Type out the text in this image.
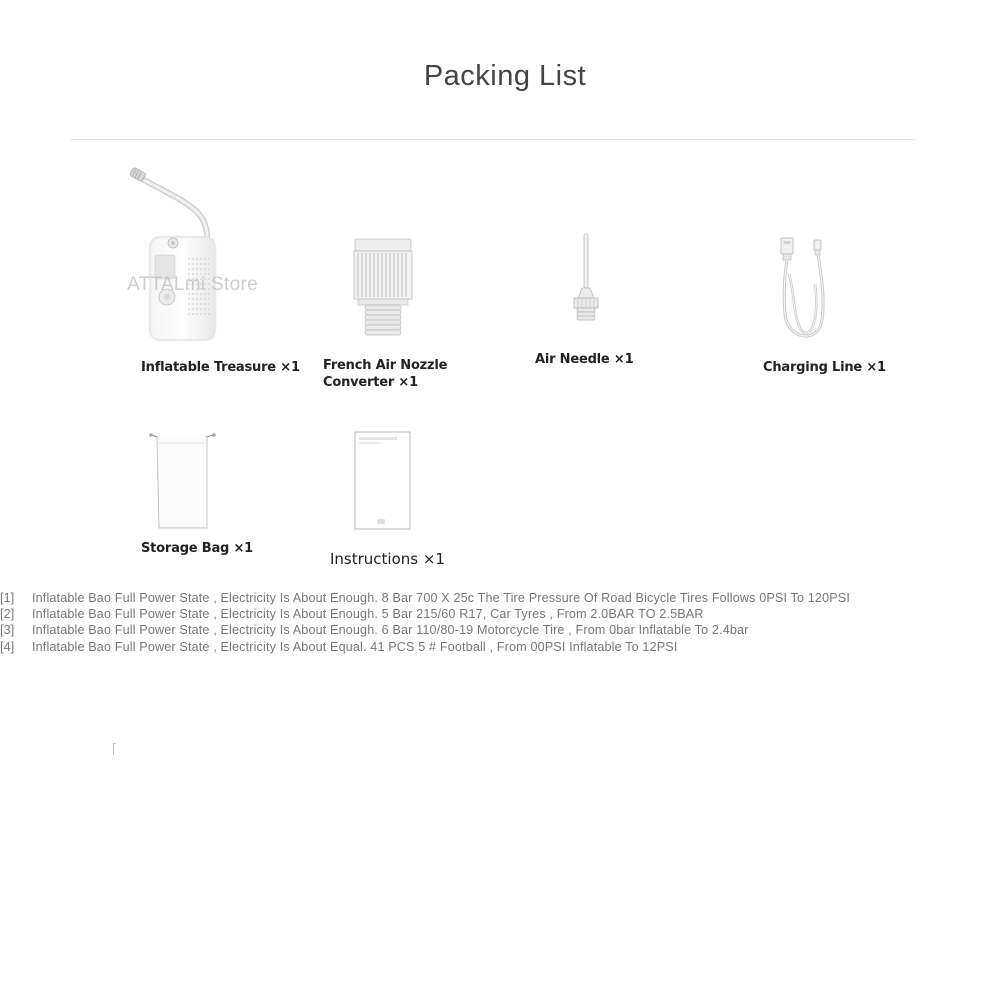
Packing List
ATTALmi Store
Inflatable Treasure ×1 French Air Nozzle
Converter ×1
Air Needle ×1
Charging Line ×1
Storage Bag ×1
Instructions ×1
[1] Inflatable Bao Full Power State , Electricity Is About Enough. 8 Bar 700 X 25c The Tire Pressure Of Road Bicycle Tires Follows 0PSI To 120PSI
[2] Inflatable Bao Full Power State , Electricity Is About Enough. 5 Bar 215/60 R17, Car Tyres , From 2.0BAR TO 2.5BAR
[3] Inflatable Bao Full Power State , Electricity Is About Enough. 6 Bar 110/80-19 Motorcycle Tire , From 0bar Inflatable To 2.4bar
[4] Inflatable Bao Full Power State , Electricity Is About Equal. 41 PCS 5 # Football , From 00PSI Inflatable To 12PSI
